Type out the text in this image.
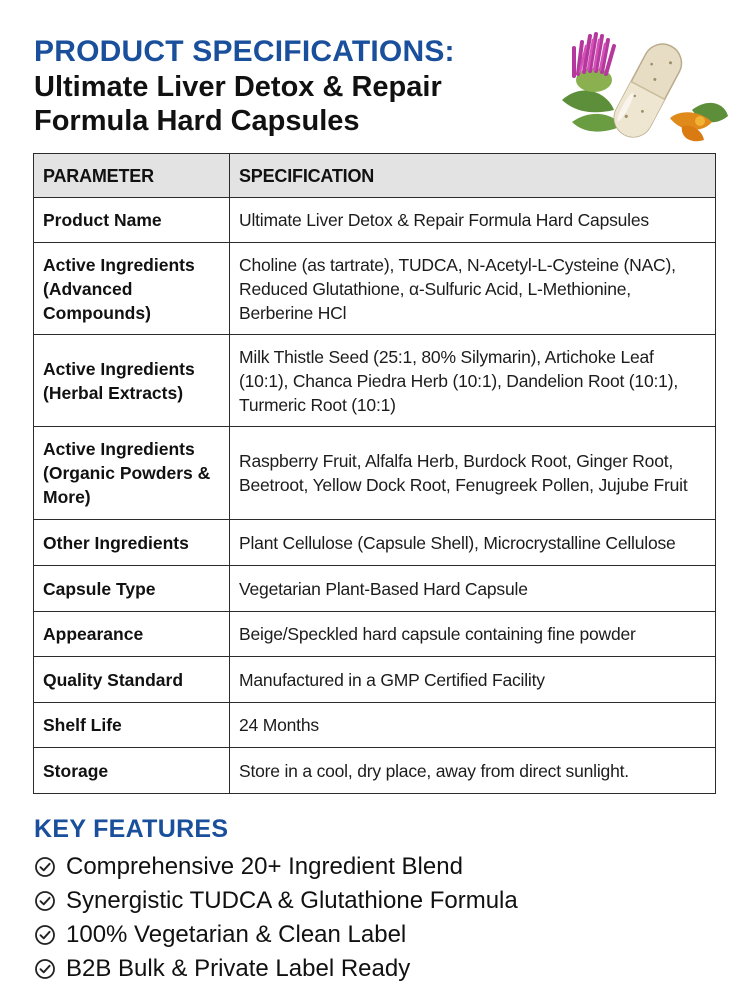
PRODUCT SPECIFICATIONS:
Ultimate Liver Detox & Repair
Formula Hard Capsules
PARAMETER	SPECIFICATION
Product Name	Ultimate Liver Detox & Repair Formula Hard Capsules
Active Ingredients (Advanced Compounds)	Choline (as tartrate), TUDCA, N-Acetyl-L-Cysteine (NAC), Reduced Glutathione, α-Sulfuric Acid, L-Methionine, Berberine HCl
Active Ingredients (Herbal Extracts)	Milk Thistle Seed (25:1, 80% Silymarin), Artichoke Leaf (10:1), Chanca Piedra Herb (10:1), Dandelion Root (10:1), Turmeric Root (10:1)
Active Ingredients (Organic Powders & More)	Raspberry Fruit, Alfalfa Herb, Burdock Root, Ginger Root, Beetroot, Yellow Dock Root, Fenugreek Pollen, Jujube Fruit
Other Ingredients	Plant Cellulose (Capsule Shell), Microcrystalline Cellulose
Capsule Type	Vegetarian Plant-Based Hard Capsule
Appearance	Beige/Speckled hard capsule containing fine powder
Quality Standard	Manufactured in a GMP Certified Facility
Shelf Life	24 Months
Storage	Store in a cool, dry place, away from direct sunlight.
KEY FEATURES
Comprehensive 20+ Ingredient Blend
Synergistic TUDCA & Glutathione Formula
100% Vegetarian & Clean Label
B2B Bulk & Private Label Ready
